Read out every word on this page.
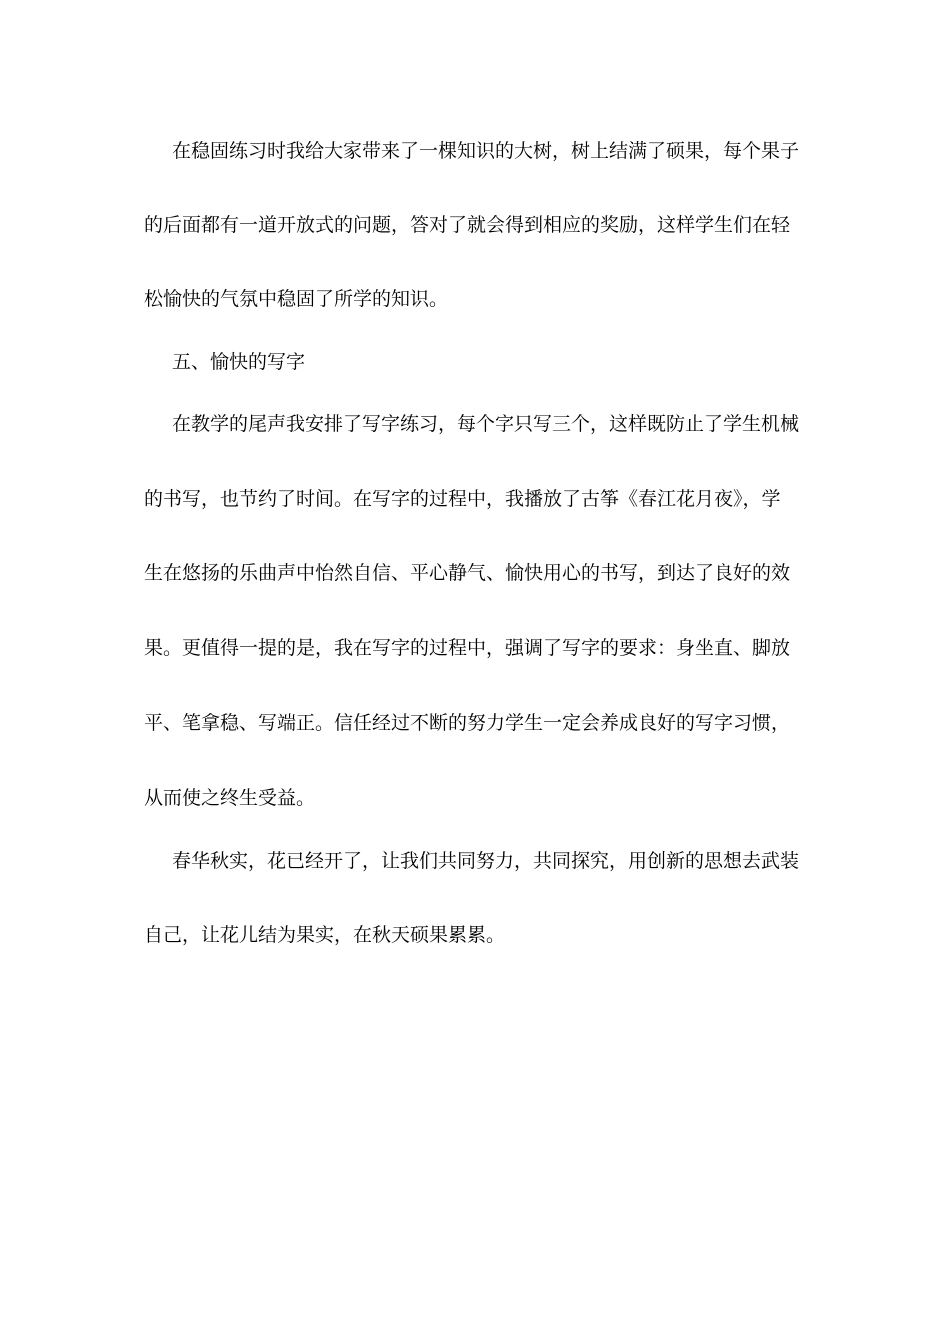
在稳固练习时我给大家带来了一棵知识的大树，树上结满了硕果，每个果子
的后面都有一道开放式的问题，答对了就会得到相应的奖励，这样学生们在轻
松愉快的气氛中稳固了所学的知识。
五、愉快的写字
在教学的尾声我安排了写字练习，每个字只写三个，这样既防止了学生机械
的书写，也节约了时间。在写字的过程中，我播放了古筝《春江花月夜》，学
生在悠扬的乐曲声中怡然自信、平心静气、愉快用心的书写，到达了良好的效
果。更值得一提的是，我在写字的过程中，强调了写字的要求：身坐直、脚放
平、笔拿稳、写端正。信任经过不断的努力学生一定会养成良好的写字习惯，
从而使之终生受益。
春华秋实，花已经开了，让我们共同努力，共同探究，用创新的思想去武装
自己，让花儿结为果实，在秋天硕果累累。
